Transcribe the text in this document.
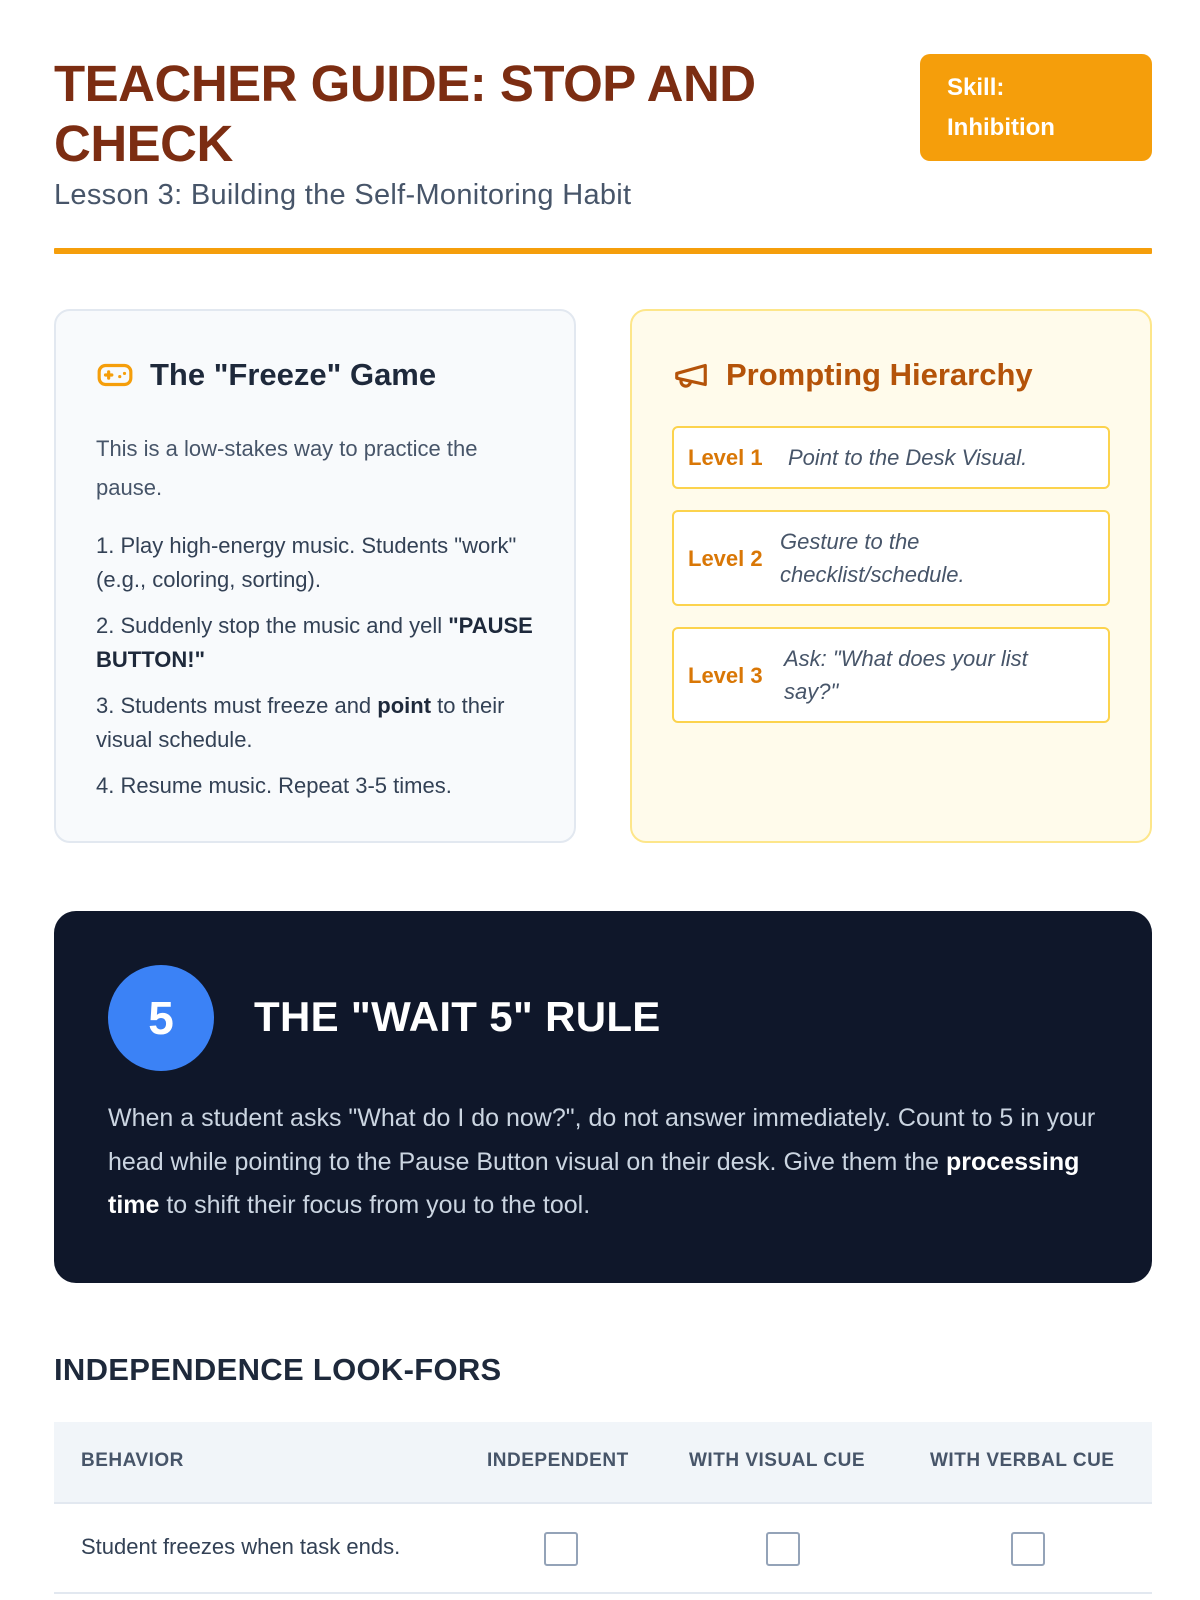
TEACHER GUIDE: STOP AND CHECK
Lesson 3: Building the Self-Monitoring Habit
Skill:
Inhibition
The "Freeze" Game

This is a low-stakes way to practice the pause.

1. Play high-energy music. Students "work" (e.g., coloring, sorting).
2. Suddenly stop the music and yell "PAUSE BUTTON!"
3. Students must freeze and point to their visual schedule.
4. Resume music. Repeat 3-5 times.
Prompting Hierarchy
Level 1	Point to the Desk Visual.
Level 2
Gesture to the checklist/schedule.
Level 3
Ask: "What does your list say?"
5	THE "WAIT 5" RULE

When a student asks "What do I do now?", do not answer immediately. Count to 5 in your head while pointing to the Pause Button visual on their desk. Give them the processing time to shift their focus from you to the tool.

INDEPENDENCE LOOK-FORS
BEHAVIOR	INDEPENDENT	WITH VISUAL CUE	WITH VERBAL CUE
Student freezes when task ends.
